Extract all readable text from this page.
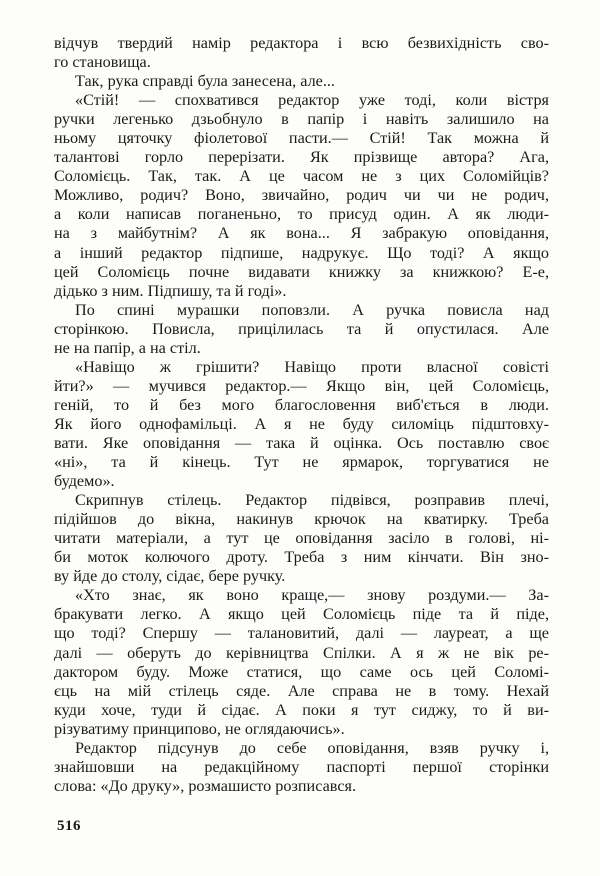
відчув твердий намір редактора і всю безвихідність сво-
го становища.

Так, рука справді була занесена, але...

«Стій! — спохватився редактор уже тоді, коли вістря
ручки легенько дзьобнуло в папір і навіть залишило на
ньому цяточку фіолетової пасти.— Стій! Так можна й
талантові горло перерізати. Як прізвище автора? Ага,
Соломієць. Так, так. А це часом не з цих Соломійців?
Можливо, родич? Воно, звичайно, родич чи чи не родич,
а коли написав поганеньно, то присуд один. А як люди-
на з майбутнім? А як вона... Я забракую оповідання,
а інший редактор підпише, надрукує. Що тоді? А якщо
цей Соломієць почне видавати книжку за книжкою? Е-е,
дідько з ним. Підпишу, та й годі».

По спині мурашки поповзли. А ручка повисла над
сторінкою. Повисла, прицілилась та й опустилася. Але
не на папір, а на стіл.

«Навіщо ж грішити? Навіщо проти власної совісті
йти?» — мучився редактор.— Якщо він, цей Соломієць,
геній, то й без мого благословення виб'ється в люди.
Як його однофамільці. А я не буду силоміць підштовху-
вати. Яке оповідання — така й оцінка. Ось поставлю своє
«ні», та й кінець. Тут не ярмарок, торгуватися не
будемо».

Скрипнув стілець. Редактор підвівся, розправив плечі,
підійшов до вікна, накинув крючок на кватирку. Треба
читати матеріали, а тут це оповідання засіло в голові, ні-
би моток колючого дроту. Треба з ним кінчати. Він зно-
ву йде до столу, сідає, бере ручку.

«Хто знає, як воно краще,— знову роздуми.— За-
бракувати легко. А якщо цей Соломієць піде та й піде,
що тоді? Спершу — талановитий, далі — лауреат, а ще
далі — оберуть до керівництва Спілки. А я ж не вік ре-
дактором буду. Може статися, що саме ось цей Соломі-
єць на мій стілець сяде. Але справа не в тому. Нехай
куди хоче, туди й сідає. А поки я тут сиджу, то й ви-
різуватиму принципово, не оглядаючись».

Редактор підсунув до себе оповідання, взяв ручку і,
знайшовши на редакційному паспорті першої сторінки
слова: «До друку», розмашисто розписався.

516
